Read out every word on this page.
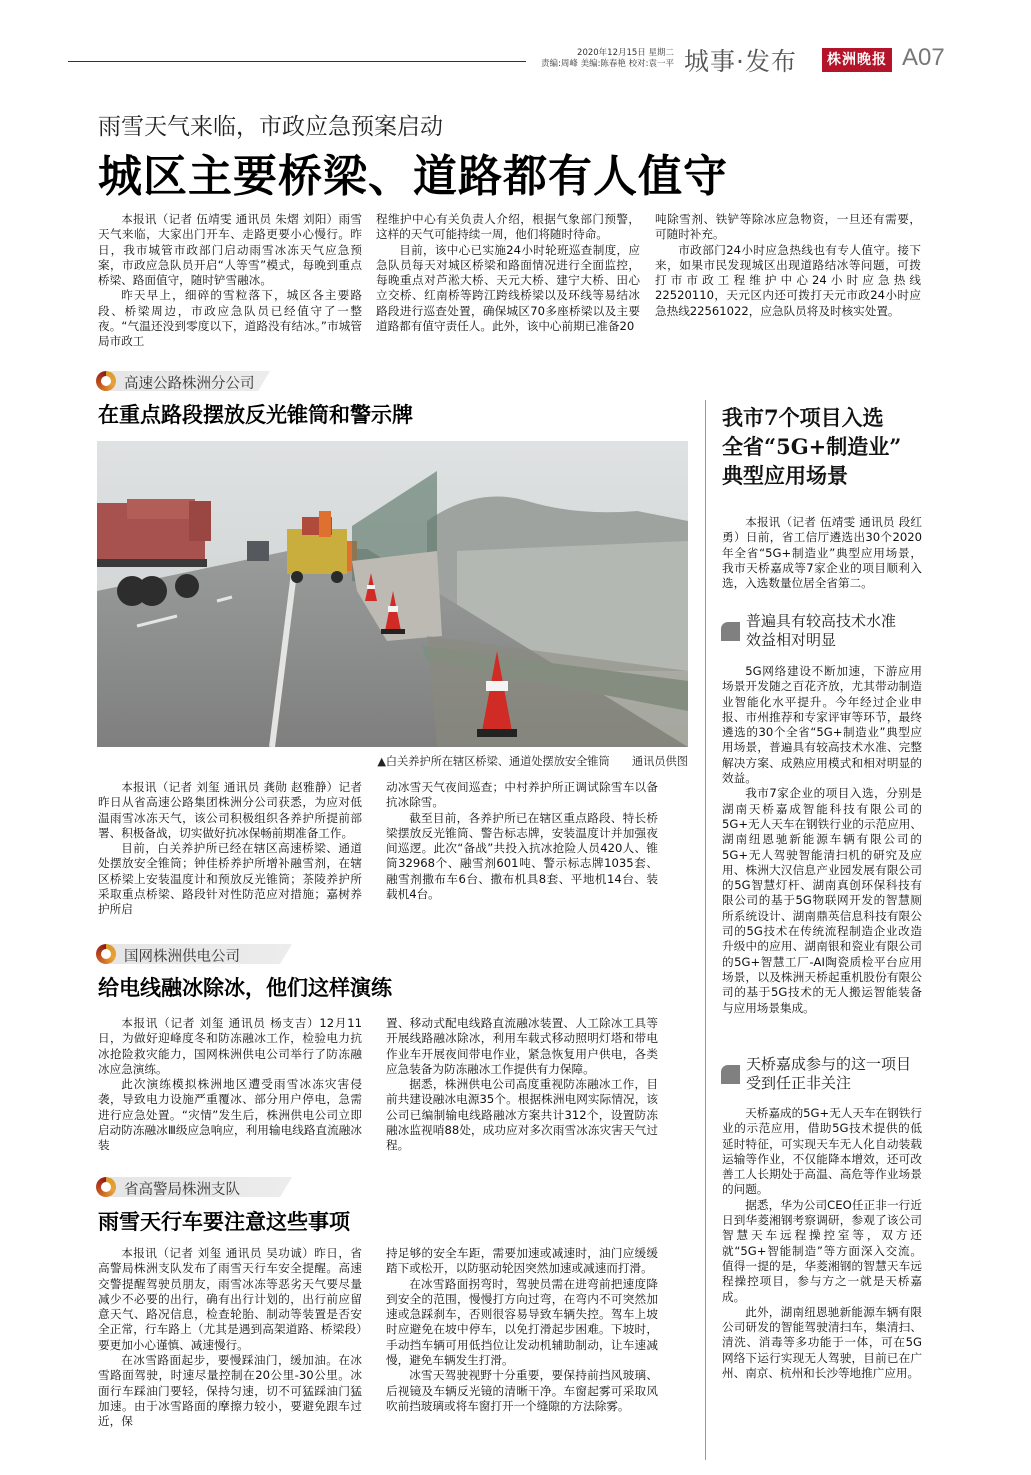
2020年12月15日 星期二
责编:周峰 美编:陈春艳 校对:袁一平 城事·发布	株洲晚报 A07
雨雪天气来临，市政应急预案启动
城区主要桥梁、道路都有人值守

本报讯（记者 伍靖雯 通讯员 朱熠 刘阳）雨雪天气来临，大家出门开车、走路更要小心慢行。昨日，我市城管市政部门启动雨雪冰冻天气应急预案，市政应急队员开启“人等雪”模式，每晚到重点桥梁、路面值守，随时铲雪融冰。

昨天早上，细碎的雪粒落下，城区各主要路段、桥梁周边，市政应急队员已经值守了一整夜。“气温还没到零度以下，道路没有结冰。”市城管局市政工

程维护中心有关负责人介绍，根据气象部门预警，这样的天气可能持续一周，他们将随时待命。

目前，该中心已实施24小时轮班巡查制度，应急队员每天对城区桥梁和路面情况进行全面监控，每晚重点对芦淞大桥、天元大桥、建宁大桥、田心立交桥、红南桥等跨江跨线桥梁以及环线等易结冰路段进行巡查处置，确保城区70多座桥梁以及主要道路都有值守责任人。此外，该中心前期已准备20

吨除雪剂、铁铲等除冰应急物资，一旦还有需要，可随时补充。

市政部门24小时应急热线也有专人值守。接下来，如果市民发现城区出现道路结冰等问题，可拨打市市政工程维护中心24小时应急热线22520110，天元区内还可拨打天元市政24小时应急热线22561022，应急队员将及时核实处置。

高速公路株洲分公司
在重点路段摆放反光锥筒和警示牌
▲白关养护所在辖区桥梁、通道处摆放安全锥筒　　通讯员供图

本报讯（记者 刘玺 通讯员 龚勋 赵雅静）记者昨日从省高速公路集团株洲分公司获悉，为应对低温雨雪冰冻天气，该公司积极组织各养护所提前部署、积极备战，切实做好抗冰保畅前期准备工作。

目前，白关养护所已经在辖区高速桥梁、通道处摆放安全锥筒；钟佳桥养护所增补融雪剂，在辖区桥梁上安装温度计和预放反光锥筒；茶陵养护所采取重点桥梁、路段针对性防范应对措施；嘉树养护所启

动冰雪天气夜间巡查；中村养护所正调试除雪车以备抗冰除雪。

截至目前，各养护所已在辖区重点路段、特长桥梁摆放反光锥筒、警告标志牌，安装温度计并加强夜间巡逻。此次“备战”共投入抗冰抢险人员420人、锥筒32968个、融雪剂601吨、警示标志牌1035套、融雪剂撒布车6台、撒布机具8套、平地机14台、装载机4台。

国网株洲供电公司
给电线融冰除冰，他们这样演练

本报讯（记者 刘玺 通讯员 杨支吉）12月11日，为做好迎峰度冬和防冻融冰工作，检验电力抗冰抢险救灾能力，国网株洲供电公司举行了防冻融冰应急演练。

此次演练模拟株洲地区遭受雨雪冰冻灾害侵袭，导致电力设施严重覆冰、部分用户停电，急需进行应急处置。“灾情”发生后，株洲供电公司立即启动防冻融冰Ⅲ级应急响应，利用输电线路直流融冰装

置、移动式配电线路直流融冰装置、人工除冰工具等开展线路融冰除冰，利用车载式移动照明灯塔和带电作业车开展夜间带电作业，紧急恢复用户供电，各类应急装备为防冻融冰工作提供有力保障。

据悉，株洲供电公司高度重视防冻融冰工作，目前共建设融冰电源35个。根据株洲电网实际情况，该公司已编制输电线路融冰方案共计312个，设置防冻融冰监视哨88处，成功应对多次雨雪冰冻灾害天气过程。

省高警局株洲支队
雨雪天行车要注意这些事项

本报讯（记者 刘玺 通讯员 吴功诚）昨日，省高警局株洲支队发布了雨雪天行车安全提醒。高速交警提醒驾驶员朋友，雨雪冰冻等恶劣天气要尽量减少不必要的出行，确有出行计划的，出行前应留意天气、路况信息，检查轮胎、制动等装置是否安全正常，行车路上（尤其是遇到高架道路、桥梁段）要更加小心谨慎、减速慢行。

在冰雪路面起步，要慢踩油门，缓加油。在冰雪路面驾驶，时速尽量控制在20公里-30公里。冰面行车踩油门要轻，保持匀速，切不可猛踩油门猛加速。由于冰雪路面的摩擦力较小，要避免跟车过近，保

持足够的安全车距，需要加速或减速时，油门应缓缓踏下或松开，以防驱动轮因突然加速或减速而打滑。

在冰雪路面拐弯时，驾驶员需在进弯前把速度降到安全的范围，慢慢打方向过弯，在弯内不可突然加速或急踩刹车，否则很容易导致车辆失控。驾车上坡时应避免在坡中停车，以免打滑起步困难。下坡时，手动挡车辆可用低挡位让发动机辅助制动，让车速减慢，避免车辆发生打滑。

冰雪天驾驶视野十分重要，要保持前挡风玻璃、后视镜及车辆反光镜的清晰干净。车窗起雾可采取风吹前挡玻璃或将车窗打开一个缝隙的方法除雾。

我市7个项目入选
全省“5G+制造业”
典型应用场景

本报讯（记者 伍靖雯 通讯员 段红勇）日前，省工信厅遴选出30个2020年全省“5G+制造业”典型应用场景，我市天桥嘉成等7家企业的项目顺利入选，入选数量位居全省第二。

普遍具有较高技术水准
效益相对明显

5G网络建设不断加速，下游应用场景开发随之百花齐放，尤其带动制造业智能化水平提升。今年经过企业申报、市州推荐和专家评审等环节，最终遴选的30个全省“5G+制造业”典型应用场景，普遍具有较高技术水准、完整解决方案、成熟应用模式和相对明显的效益。

我市7家企业的项目入选，分别是湖南天桥嘉成智能科技有限公司的5G+无人天车在钢铁行业的示范应用、湖南纽恩驰新能源车辆有限公司的5G+无人驾驶智能清扫机的研究及应用、株洲大汉信息产业园发展有限公司的5G智慧灯杆、湖南真创环保科技有限公司的基于5G物联网开发的智慧厕所系统设计、湖南鼎英信息科技有限公司的5G技术在传统流程制造企业改造升级中的应用、湖南银和瓷业有限公司的5G+智慧工厂-AI陶瓷质检平台应用场景，以及株洲天桥起重机股份有限公司的基于5G技术的无人搬运智能装备与应用场景集成。

天桥嘉成参与的这一项目
受到任正非关注

天桥嘉成的5G+无人天车在钢铁行业的示范应用，借助5G技术提供的低延时特征，可实现天车无人化自动装载运输等作业，不仅能降本增效，还可改善工人长期处于高温、高危等作业场景的问题。

据悉，华为公司CEO任正非一行近日到华菱湘钢考察调研，参观了该公司智慧天车远程操控室等，双方还就“5G+智能制造”等方面深入交流。值得一提的是，华菱湘钢的智慧天车远程操控项目，参与方之一就是天桥嘉成。

此外，湖南纽恩驰新能源车辆有限公司研发的智能驾驶清扫车，集清扫、清洗、消毒等多功能于一体，可在5G网络下运行实现无人驾驶，目前已在广州、南京、杭州和长沙等地推广应用。
